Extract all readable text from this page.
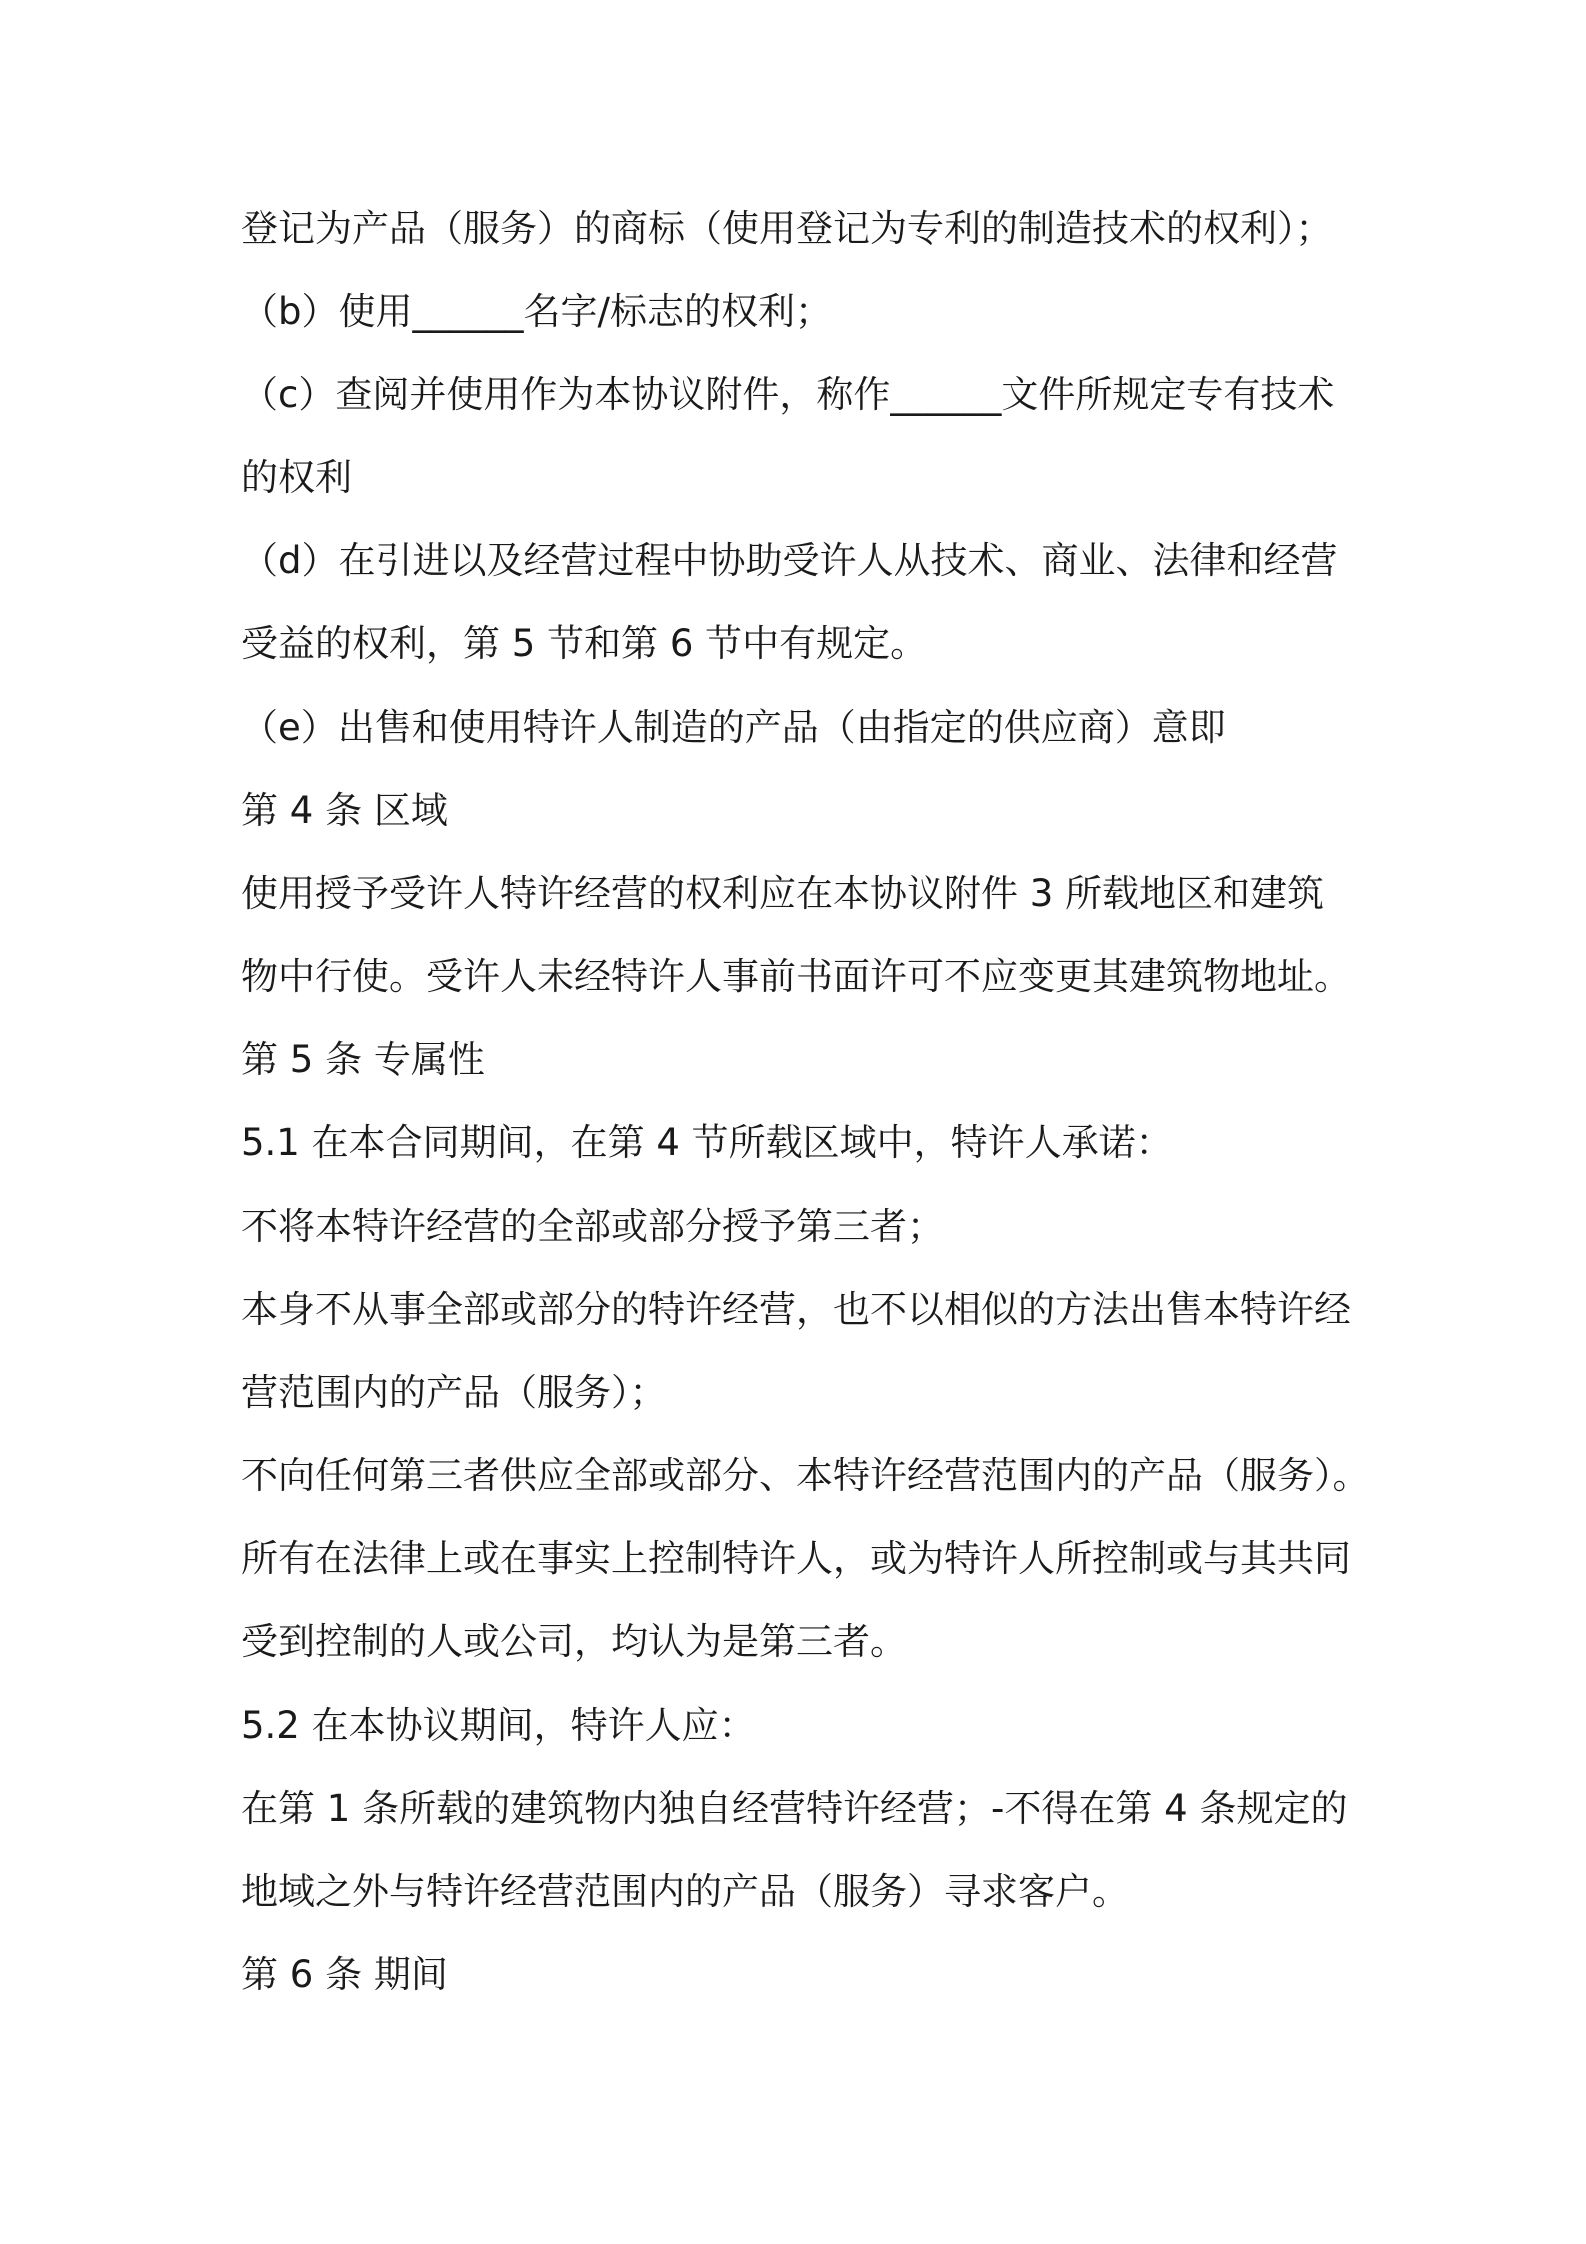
登记为产品（服务）的商标（使用登记为专利的制造技术的权利）；
（b）使用______名字/标志的权利；
（c）查阅并使用作为本协议附件，称作______文件所规定专有技术
的权利
（d）在引进以及经营过程中协助受许人从技术、商业、法律和经营
受益的权利，第 5 节和第 6 节中有规定。
（e）出售和使用特许人制造的产品（由指定的供应商）意即
第 4 条 区域
使用授予受许人特许经营的权利应在本协议附件 3 所载地区和建筑
物中行使。受许人未经特许人事前书面许可不应变更其建筑物地址。
第 5 条 专属性
5.1 在本合同期间，在第 4 节所载区域中，特许人承诺：
不将本特许经营的全部或部分授予第三者；
本身不从事全部或部分的特许经营，也不以相似的方法出售本特许经
营范围内的产品（服务）；
不向任何第三者供应全部或部分、本特许经营范围内的产品（服务）。
所有在法律上或在事实上控制特许人，或为特许人所控制或与其共同
受到控制的人或公司，均认为是第三者。
5.2 在本协议期间，特许人应：
在第 1 条所载的建筑物内独自经营特许经营；-不得在第 4 条规定的
地域之外与特许经营范围内的产品（服务）寻求客户。
第 6 条 期间
